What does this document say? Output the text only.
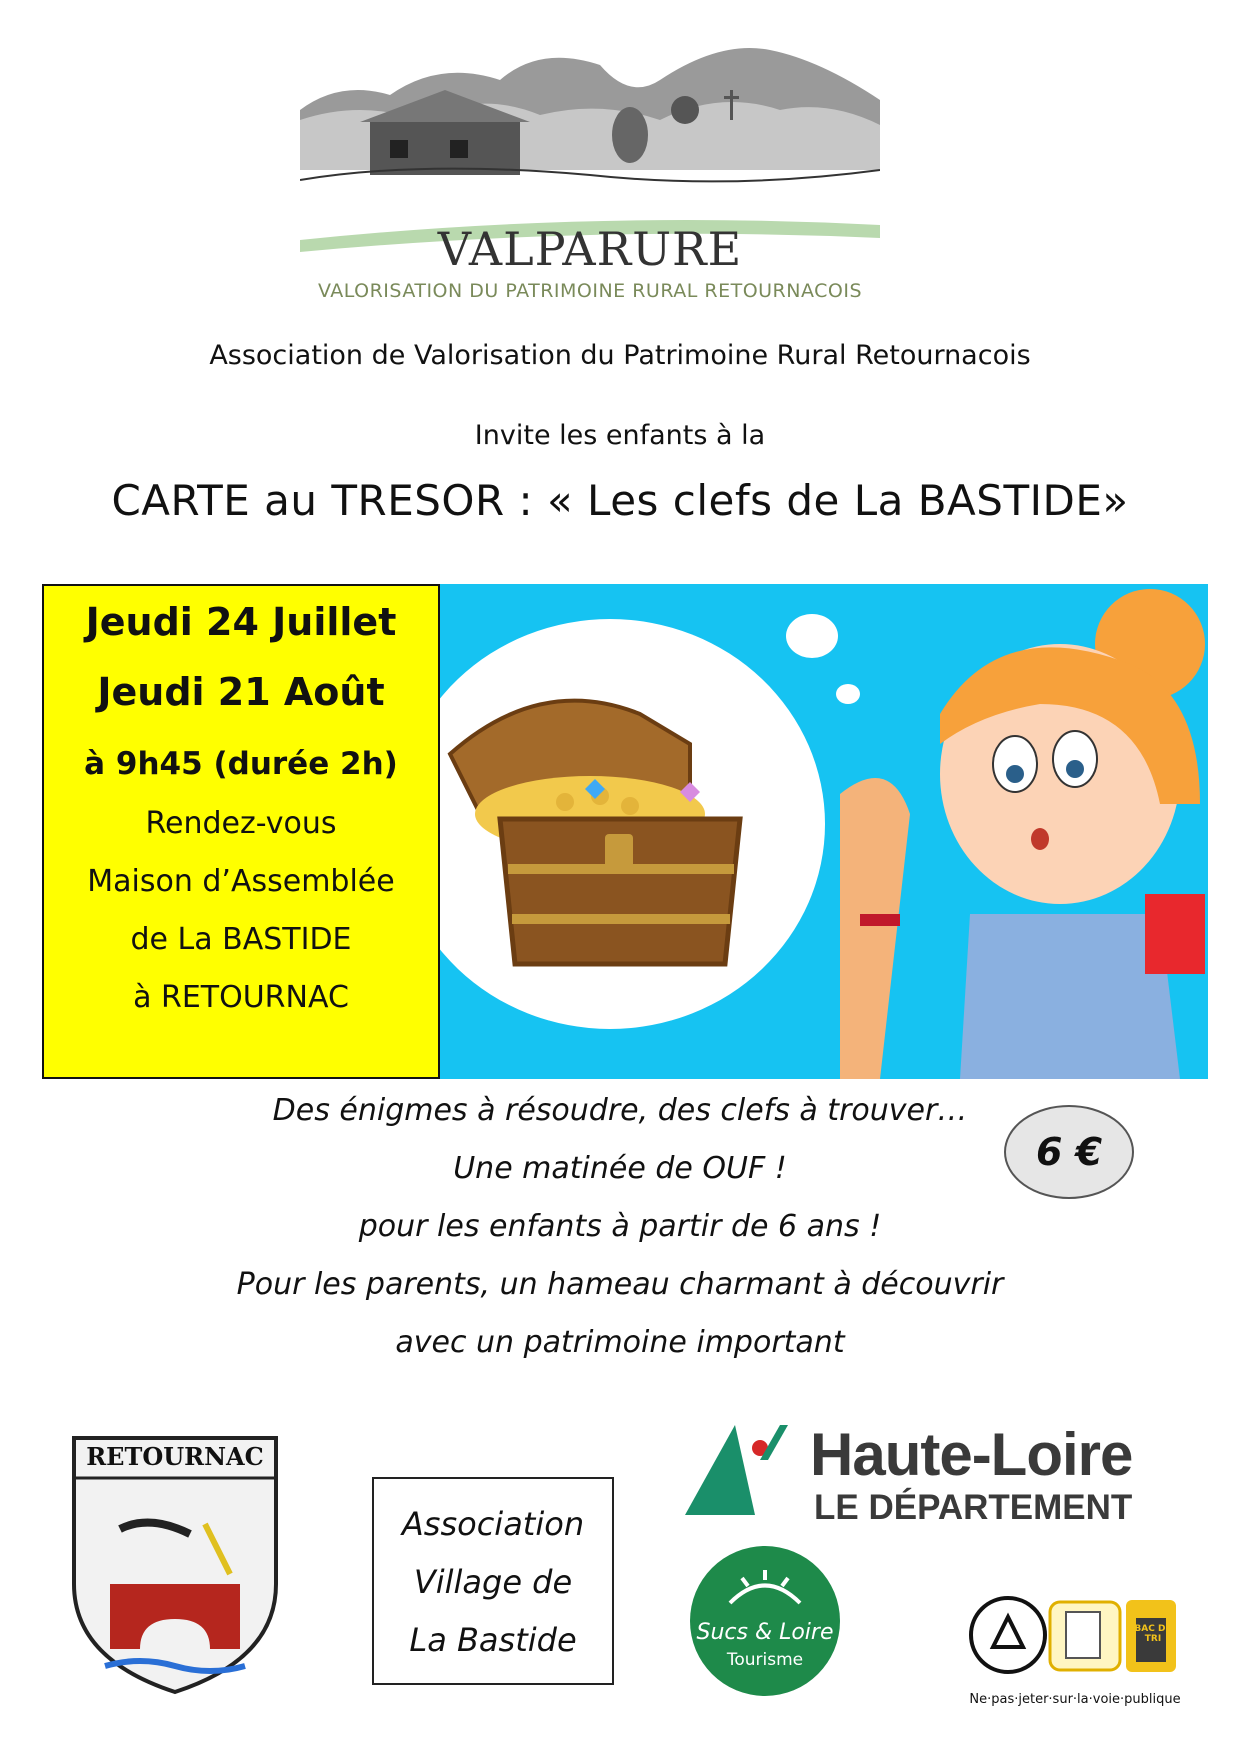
VALPARURE
VALORISATION DU PATRIMOINE RURAL RETOURNACOIS
Association de Valorisation du Patrimoine Rural Retournacois
Invite les enfants à la
CARTE au TRESOR : « Les clefs de La BASTIDE»
Jeudi 24 Juillet
Jeudi 21 Août
à 9h45 (durée 2h)
Rendez-vous
Maison d’Assemblée
de La BASTIDE
à RETOURNAC
Des énigmes à résoudre, des clefs à trouver…
Une matinée de OUF !
pour les enfants à partir de 6 ans !
Pour les parents, un hameau charmant à découvrir
avec un patrimoine important
6 €
RETOURNAC
Association
Village de
La Bastide
Haute-Loire
LE DÉPARTEMENT
Sucs & Loire
Tourisme
BAC DE TRI
Ne·pas·jeter·sur·la·voie·publique
